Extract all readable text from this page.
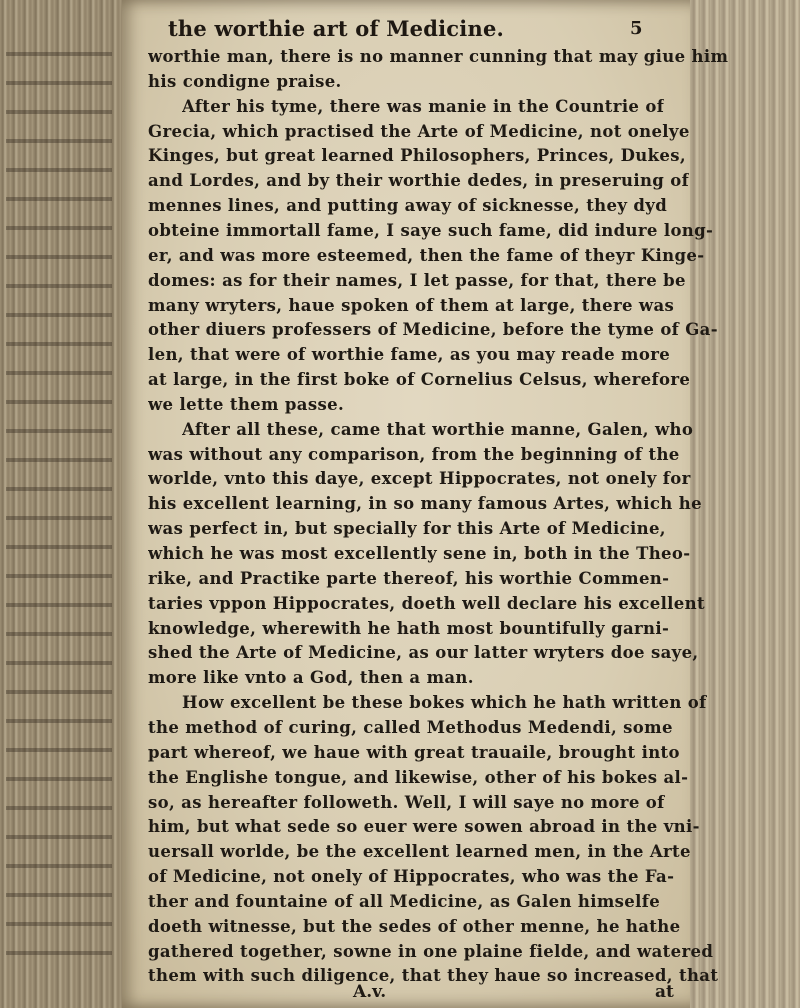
the worthie art of Medicine.	5
worthie man, there is no manner cunning that may giue him
his condigne praise.
After his tyme, there was manie in the Countrie of
Grecia, which practised the Arte of Medicine, not onelye
Kinges, but great learned Philosophers, Princes, Dukes,
and Lordes, and by their worthie dedes, in preseruing of
mennes lines, and putting away of sicknesse, they dyd
obteine immortall fame, I saye such fame, did indure long-
er, and was more esteemed, then the fame of theyr Kinge-
domes: as for their names, I let passe, for that, there be
many wryters, haue spoken of them at large, there was
other diuers professers of Medicine, before the tyme of Ga-
len, that were of worthie fame, as you may reade more
at large, in the first boke of Cornelius Celsus, wherefore
we lette them passe.
After all these, came that worthie manne, Galen, who
was without any comparison, from the beginning of the
worlde, vnto this daye, except Hippocrates, not onely for
his excellent learning, in so many famous Artes, which he
was perfect in, but specially for this Arte of Medicine,
which he was most excellently sene in, both in the Theo-
rike, and Practike parte thereof, his worthie Commen-
taries vppon Hippocrates, doeth well declare his excellent
knowledge, wherewith he hath most bountifully garni-
shed the Arte of Medicine, as our latter wryters doe saye,
more like vnto a God, then a man.
How excellent be these bokes which he hath written of
the method of curing, called Methodus Medendi, some
part whereof, we haue with great trauaile, brought into
the Englishe tongue, and likewise, other of his bokes al-
so, as hereafter followeth. Well, I will saye no more of
him, but what sede so euer were sowen abroad in the vni-
uersall worlde, be the excellent learned men, in the Arte
of Medicine, not onely of Hippocrates, who was the Fa-
ther and fountaine of all Medicine, as Galen himselfe
doeth witnesse, but the sedes of other menne, he hathe
gathered together, sowne in one plaine fielde, and watered
them with such diligence, that they haue so increased, that
A.v.	at
